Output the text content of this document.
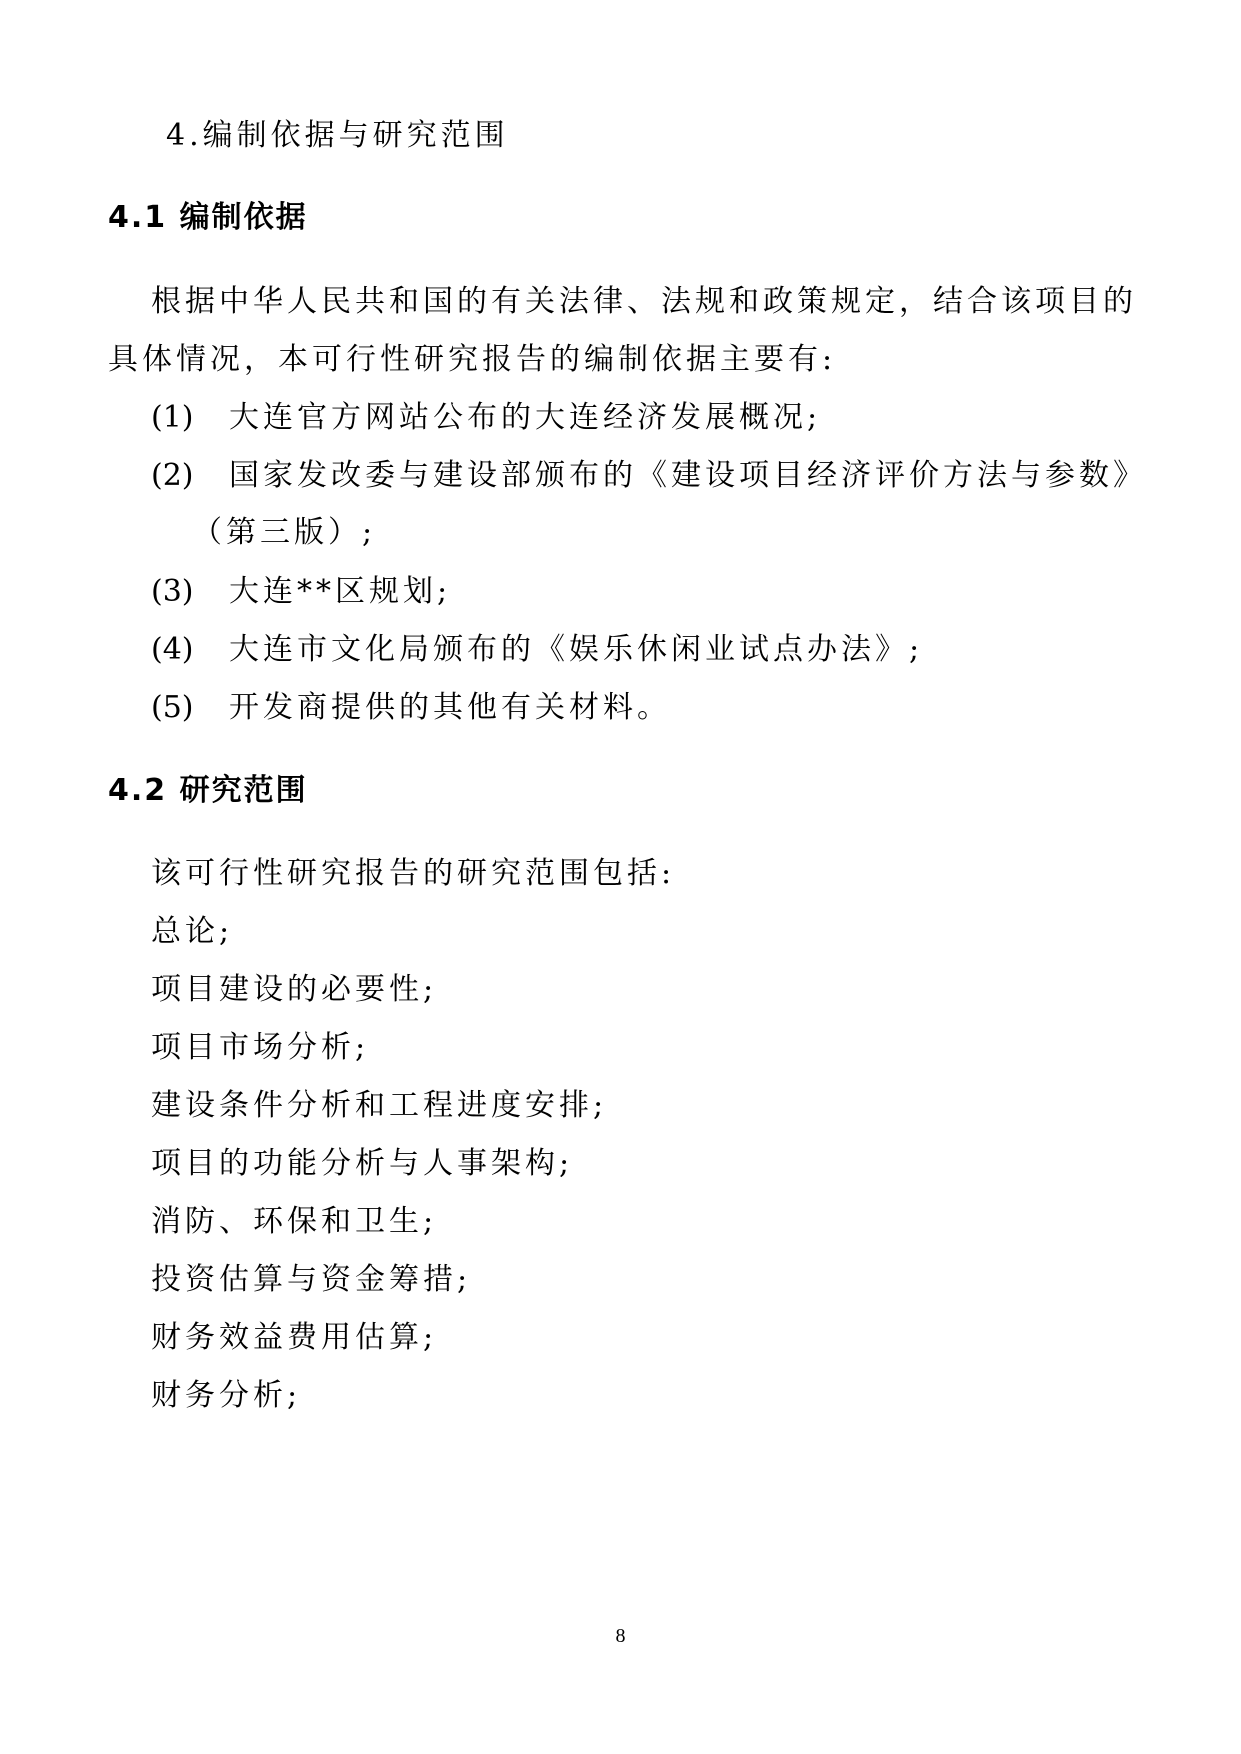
4.编制依据与研究范围
4.1 编制依据
根据中华人民共和国的有关法律、法规和政策规定，结合该项目的
具体情况，本可行性研究报告的编制依据主要有:
(1) 大连官方网站公布的大连经济发展概况;
(2) 国家发改委与建设部颁布的《建设项目经济评价方法与参数》
（第三版）;
(3) 大连**区规划;
(4) 大连市文化局颁布的《娱乐休闲业试点办法》;
(5) 开发商提供的其他有关材料。
4.2 研究范围
该可行性研究报告的研究范围包括:
总论;
项目建设的必要性;
项目市场分析;
建设条件分析和工程进度安排;
项目的功能分析与人事架构;
消防、环保和卫生;
投资估算与资金筹措;
财务效益费用估算;
财务分析;
8
